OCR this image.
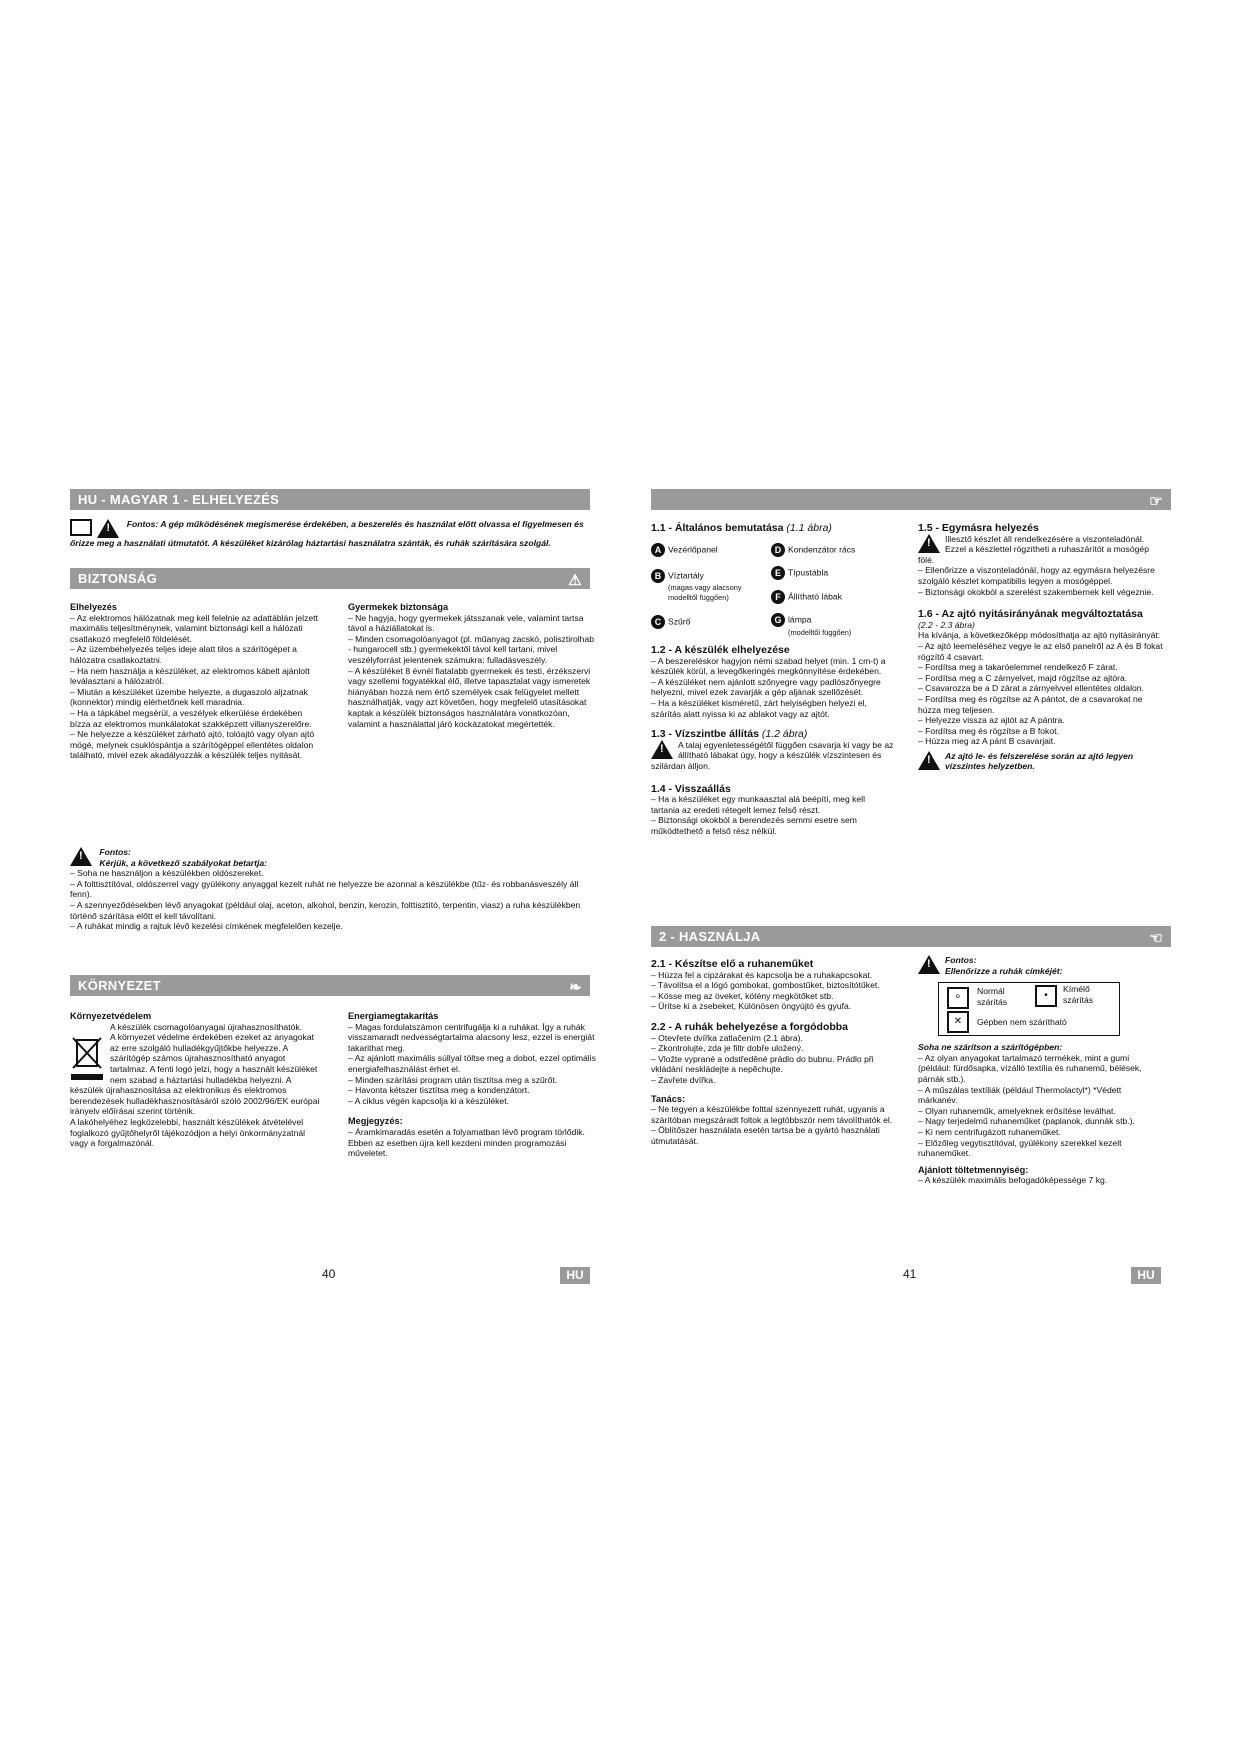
HU - MAGYAR 1 - ELHELYEZÉS

!
Fontos: A gép működésének megismerése érdekében, a beszerelés és használat előtt olvassa el figyelmesen és őrizze meg a használati útmutatót. A készüléket kizárólag háztartási használatra szánták, és ruhák szárítására szolgál.

BIZTONSÁG	⚠
Elhelyezés

– Az elektromos hálózatnak meg kell felelnie az adattáblán jelzett maximális teljesítménynek, valamint biztonsági kell a hálózati csatlakozó megfelelő földelését.
– Az üzembehelyezés teljes ideje alatt tilos a szárítógépet a hálózatra csatlakoztatni.
– Ha nem használja a készüléket, az elektromos kábelt ajánlott leválasztani a hálózatról.
– Miután a készüléket üzembe helyezte, a dugaszoló aljzatnak (konnektor) mindig elérhetőnek kell maradnia.
– Ha a tápkábel megsérül, a veszélyek elkerülése érdekében bízza az elektromos munkálatokat szakképzett villanyszerelőre.
– Ne helyezze a készüléket zárható ajtó, tolóajtó vagy olyan ajtó mögé, melynek csuklóspántja a szárítógéppel ellentétes oldalon található, mivel ezek akadályozzák a készülék teljes nyitását.

Gyermekek biztonsága

– Ne hagyja, hogy gyermekek játsszanak vele, valamint tartsa távol a háziállatokat is.
– Minden csomagolóanyagot (pl. műanyag zacskó, polisztirolhab - hungarocell stb.) gyermekektől távol kell tartani, mivel veszélyforrást jelentenek számukra: fulladásveszély.
– A készüléket 8 évnél fiatalabb gyermekek és testi, érzékszervi vagy szellemi fogyatékkal élő, illetve tapasztalat vagy ismeretek hiányában hozzá nem értő személyek csak felügyelet mellett használhatják, vagy azt követően, hogy megfelelő utasításokat kaptak a készülék biztonságos használatára vonatkozóan, valamint a használattal járó kockázatokat megértették.

!
Fontos:
Kérjük, a következő szabályokat betartja:

– Soha ne használjon a készülékben oldószereket.
– A folttisztítóval, oldószerrel vagy gyúlékony anyaggal kezelt ruhát ne helyezze be azonnal a készülékbe (tűz- és robbanásveszély áll fenn).
– A szennyeződésekben lévő anyagokat (például olaj, aceton, alkohol, benzin, kerozin, folttisztító, terpentin, viasz) a ruha készülékben történő szárítása előtt el kell távolítani.
– A ruhákat mindig a rajtuk lévő kezelési címkének megfelelően kezelje.

KÖRNYEZET	❧
Környezetvédelem

A készülék csomagolóanyagai újrahasznosíthatók.
A környezet védelme érdekében ezeket az anyagokat az erre szolgáló hulladékgyűjtőkbe helyezze. A szárítógép számos újrahasznosítható anyagot tartalmaz. A fenti logó jelzi, hogy a használt készüléket nem szabad a háztartási hulladékba helyezni. A készülék újrahasznosítása az elektronikus és elektromos berendezések hulladékhasznosításáról szóló 2002/96/EK európai irányelv előírásai szerint történik.
A lakóhelyéhez legközelebbi, használt készülékek átvételével foglalkozó gyűjtőhelyről tájékozódjon a helyi önkormányzatnál vagy a forgalmazónál.

Energiamegtakarítás

– Magas fordulatszámon centrifugálja ki a ruhákat. Így a ruhák visszamaradt nedvességtartalma alacsony lesz, ezzel is energiát takarithat meg.
– Az ajánlott maximális súllyal töltse meg a dobot, ezzel optimális energiafelhasználást érhet el.
– Minden szárítási program után tisztítsa meg a szűrőt.
– Havonta kétszer tisztítsa meg a kondenzátort.
– A ciklus végén kapcsolja ki a készüléket.

Megjegyzés:

– Áramkimaradás esetén a folyamatban lévő program törlődik. Ebben az esetben újra kell kezdeni minden programozási műveletet.

40	HU
☞
1.1 - Általános bemutatása (1.1 ábra)
A Vezérlőpanel
B Víztartály
(magas vagy alacsony modelltől függően)
C Szűrő
D Kondenzátor rács
E Típustábla
F Állítható lábak
G lámpa
(modelltől függően)
1.2 - A készülék elhelyezése

– A beszereléskor hagyjon némi szabad helyet (min. 1 cm-t) a készülék körül, a levegőkeringés megkönnyítése érdekében.
– A készüléket nem ajánlott szőnyegre vagy padlószőnyegre helyezni, mivel ezek zavarják a gép aljának szellőzését.
– Ha a készüléket kisméretű, zárt helyiségben helyezi el, szárítás alatt nyissa ki az ablakot vagy az ajtót.

1.3 - Vízszintbe állítás (1.2 ábra)
!	A talaj egyenletességétől függően csavarja ki vagy be az állítható lábakat úgy, hogy a készülék vízszintesen és szilárdan álljon.

1.4 - Visszaállás

– Ha a készüléket egy munkaasztal alá beépíti, meg kell tartania az eredeti rétegelt lemez felső részt.
– Biztonsági okokból a berendezés semmi esetre sem működtethető a felső rész nélkül.

1.5 - Egymásra helyezés
!	Illesztő készlet áll rendelkezésére a viszonteladónál. Ezzel a készlettel rögzítheti a ruhaszárítót a mosógép fölé.
– Ellenőrizze a viszonteladónál, hogy az egymásra helyezésre szolgáló készlet kompatibilis legyen a mosógéppel.
– Biztonsági okokból a szerelést szakembernek kell végeznie.

1.6 - Az ajtó nyitásirányának megváltoztatása
(2.2 - 2.3 ábra)

Ha kívánja, a következőképp módosíthatja az ajtó nyitásirányát:
– Az ajtó leemeléséhez vegye le az első panelről az A és B fokat rögzítő 4 csavart.
– Fordítsa meg a takaróelemmel rendelkező F zárat.
– Fordítsa meg a C zárnyelvet, majd rögzítse az ajtóra.
– Csavarozza be a D zárat a zárnyelvvel ellentétes oldalon.
– Fordítsa meg és rögzítse az A pántot, de a csavarokat ne húzza meg teljesen.
– Helyezze vissza az ajtót az A pántra.
– Fordítsa meg és rögzítse a B fokot.
– Húzza meg az A pánt B csavarjait.

!	Az ajtó le- és felszerelése során az ajtó legyen vízszintes helyzetben.

2 - HASZNÁLJA	☜
2.1 - Készítse elő a ruhaneműket

– Húzza fel a cipzárakat és kapcsolja be a ruhakapcsokat.
– Távolítsa el a lógó gombokat, gombostűket, biztosítótűket.
– Kösse meg az öveket, kötény megkötőket stb.
– Ürítse ki a zsebeket, Különösen öngyújtó és gyufa.

2.2 - A ruhák behelyezése a forgódobba

– Otevřete dvířka zatlačením (2.1 ábra).
– Zkontrolujte, zda je filtr dobře uložený.
– Vložte vyprané a odstředěné prádlo do bubnu. Prádlo při vkládání neskládejte a nepěchujte.
– Zavřete dvířka.

Tanács:

– Ne tegyen a készülékbe folttal szennyezett ruhát, ugyanis a szárítóban megszáradt foltok a legtöbbször nem távolíthatók el.
– Öblítőszer használata esetén tartsa be a gyártó használati útmutatását.

!	Fontos:
Ellenőrizze a ruhák címkéjét:
⚬
Normál szárítás
•
Kímélő szárítás
✕	Gépben nem szárítható
Soha ne szárítson a szárítógépben:

– Az olyan anyagokat tartalmazó termékek, mint a gumi (például: fürdősapka, vízálló textília és ruhanemű, bélések, párnák stb.).
– A műszálas textíliák (például Thermolactyl*) *Védett márkanév.
– Olyan ruhaneműk, amelyeknek erősítése leválhat.
– Nagy terjedelmű ruhaneműket (paplanok, dunnák stb.).
– Ki nem centrifugázott ruhaneműket.
– Előzőleg vegytisztítóval, gyúlékony szerekkel kezelt ruhaneműket.

Ajánlott töltetmennyiség:

– A készülék maximális befogadóképessége 7 kg.

41	HU
